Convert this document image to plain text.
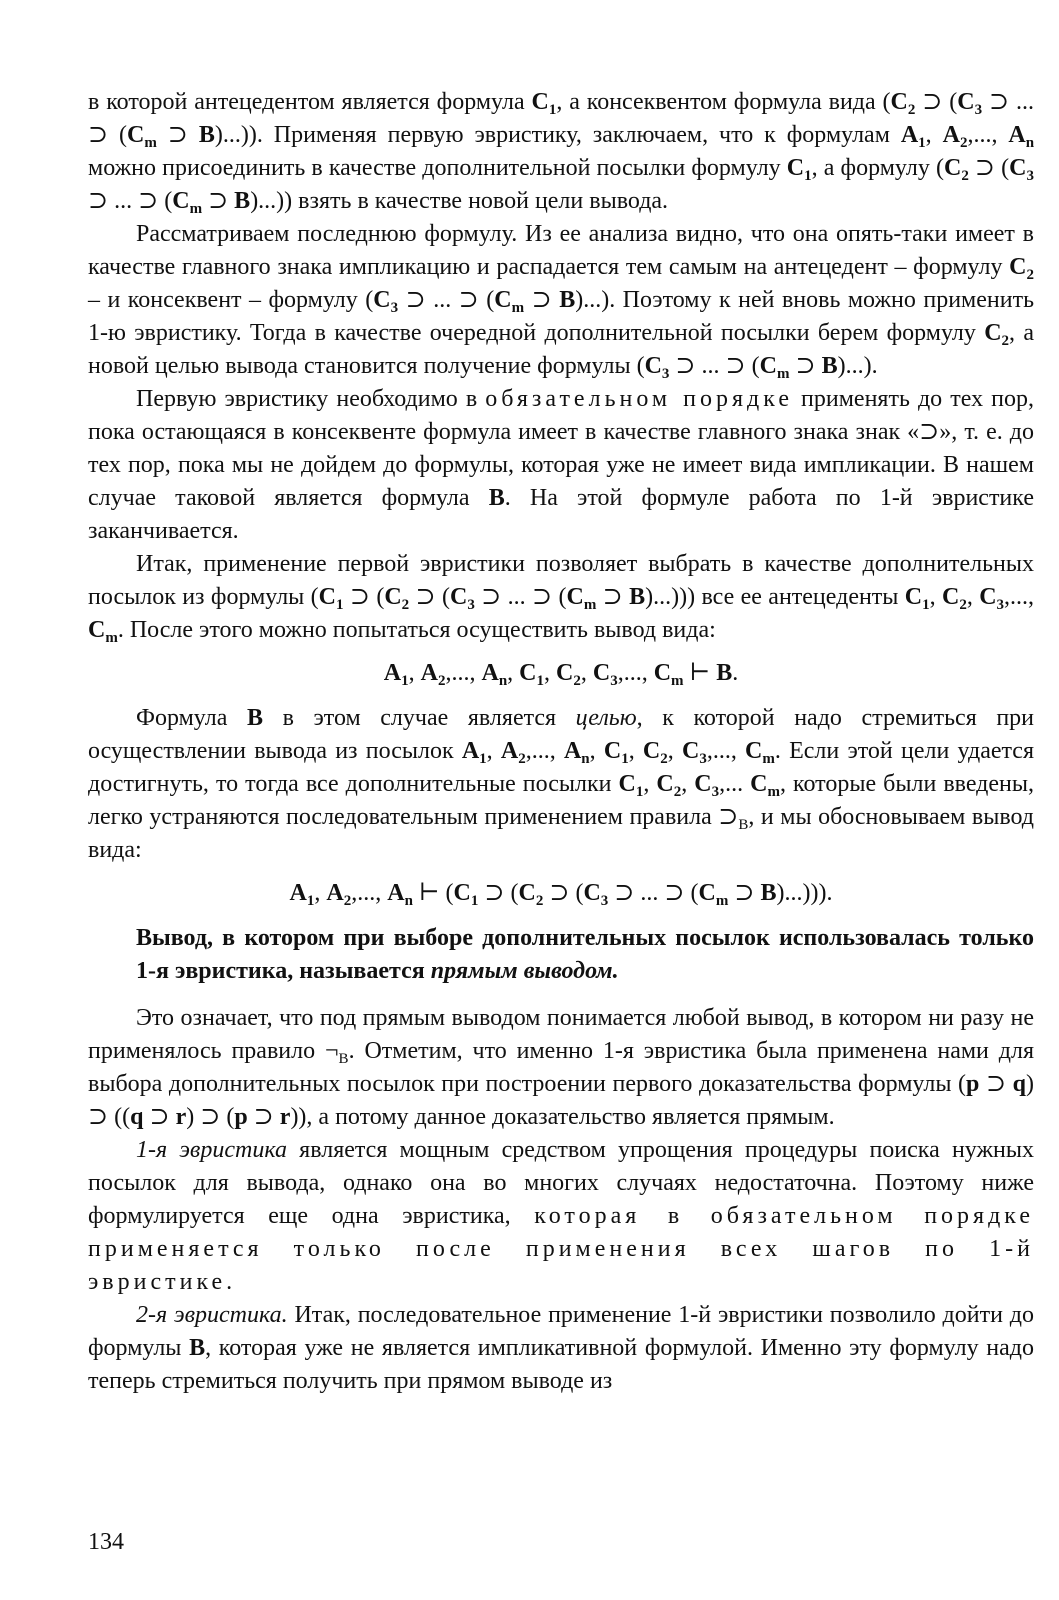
в которой антецедентом является формула $C_1$, а консеквентом формула вида ($C_2$ ⊃ ($C_3$ ⊃ ... ⊃ ($C_m$ ⊃ B)...)). Применяя первую эвристику, заключаем, что к формулам $A_1$, $A_2$,..., $A_n$ можно присоединить в качестве дополнительной посылки формулу $C_1$, а формулу ($C_2$ ⊃ ($C_3$ ⊃ ... ⊃ ($C_m$ ⊃ B)...)) взять в качестве новой цели вывода.

Рассматриваем последнюю формулу. Из ее анализа видно, что она опять-таки имеет в качестве главного знака импликацию и распадается тем самым на антецедент – формулу $C_2$ – и консеквент – формулу ($C_3$ ⊃ ... ⊃ ($C_m$ ⊃ B)...). Поэтому к ней вновь можно применить 1-ю эвристику. Тогда в качестве очередной дополнительной посылки берем формулу $C_2$, а новой целью вывода становится получение формулы ($C_3$ ⊃ ... ⊃ ($C_m$ ⊃ B)...).

Первую эвристику необходимо в обязательном порядке применять до тех пор, пока остающаяся в консеквенте формула имеет в качестве главного знака знак «⊃», т. е. до тех пор, пока мы не дойдем до формулы, которая уже не имеет вида импликации. В нашем случае таковой является формула B. На этой формуле работа по 1-й эвристике заканчивается.

Итак, применение первой эвристики позволяет выбрать в качестве дополнительных посылок из формулы ($C_1$ ⊃ ($C_2$ ⊃ ($C_3$ ⊃ ... ⊃ ($C_m$ ⊃ B)...))) все ее антецеденты $C_1$, $C_2$, $C_3$,..., $C_m$. После этого можно попытаться осуществить вывод вида:

$A_1$, $A_2$,..., $A_n$, $C_1$, $C_2$, $C_3$,..., $C_m$ ⊢ B.

Формула B в этом случае является целью, к которой надо стремиться при осуществлении вывода из посылок $A_1$, $A_2$,..., $A_n$, $C_1$, $C_2$, $C_3$,..., $C_m$. Если этой цели удается достигнуть, то тогда все дополнительные посылки $C_1$, $C_2$, $C_3$,... $C_m$, которые были введены, легко устраняются последовательным применением правила $⊃_В$, и мы обосновываем вывод вида:

$A_1$, $A_2$,..., $A_n$ ⊢ ($C_1$ ⊃ ($C_2$ ⊃ ($C_3$ ⊃ ... ⊃ ($C_m$ ⊃ B)...))).

Вывод, в котором при выборе дополнительных посылок использовалась только 1-я эвристика, называется прямым выводом.

Это означает, что под прямым выводом понимается любой вывод, в котором ни разу не применялось правило $\neg_В$. Отметим, что именно 1-я эвристика была применена нами для выбора дополнительных посылок при построении первого доказательства формулы (p ⊃ q) ⊃ ((q ⊃ r) ⊃ (p ⊃ r)), а потому данное доказательство является прямым.

1-я эвристика является мощным средством упрощения процедуры поиска нужных посылок для вывода, однако она во многих случаях недостаточна. Поэтому ниже формулируется еще одна эвристика, которая в обязательном порядке применяется только после применения всех шагов по 1-й эвристике.

2-я эвристика. Итак, последовательное применение 1-й эвристики позволило дойти до формулы B, которая уже не является импликативной формулой. Именно эту формулу надо теперь стремиться получить при прямом выводе из

134
